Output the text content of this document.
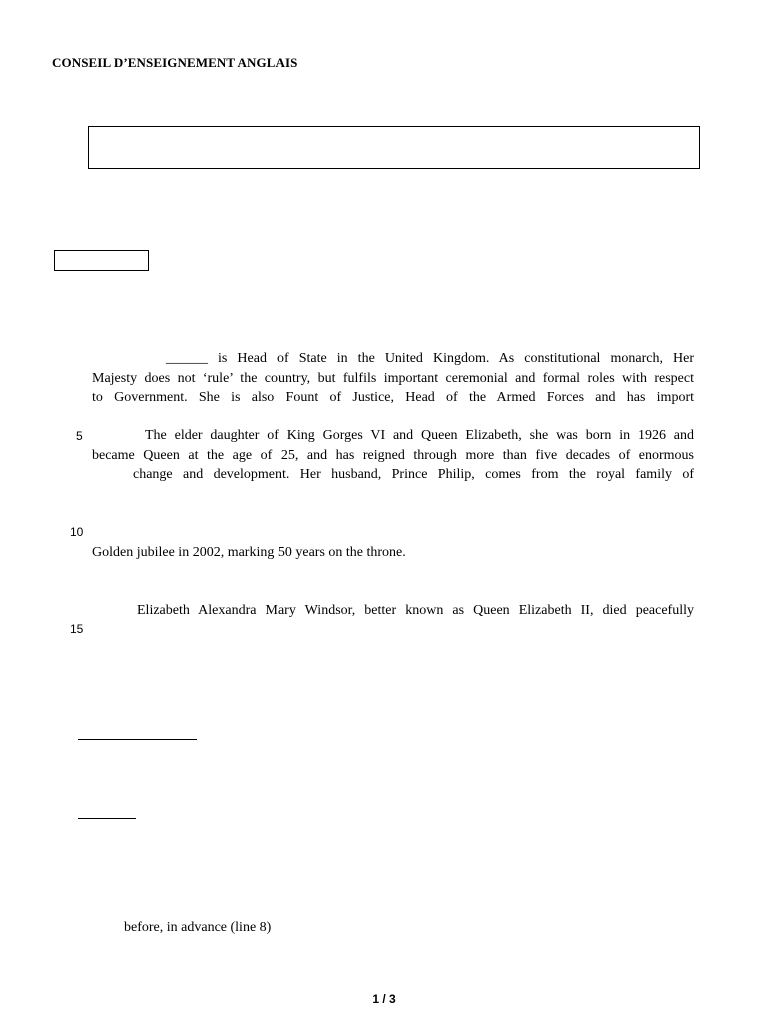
CONSEIL D’ENSEIGNEMENT ANGLAIS
______ is Head of State in the United Kingdom. As constitutional monarch, Her
Majesty does not ‘rule’ the country, but fulfils important ceremonial and formal roles with respect
to Government. She is also Fount of Justice, Head of the Armed Forces and has import
5	The elder daughter of King Gorges VI and Queen Elizabeth, she was born in 1926 and
became Queen at the age of 25, and has reigned through more than five decades of enormous
change and development. Her husband, Prince Philip, comes from the royal family of
10
Golden jubilee in 2002, marking 50 years on the throne.
Elizabeth Alexandra Mary Windsor, better known as Queen Elizabeth II, died peacefully
15
before, in advance (line 8)
1 / 3
